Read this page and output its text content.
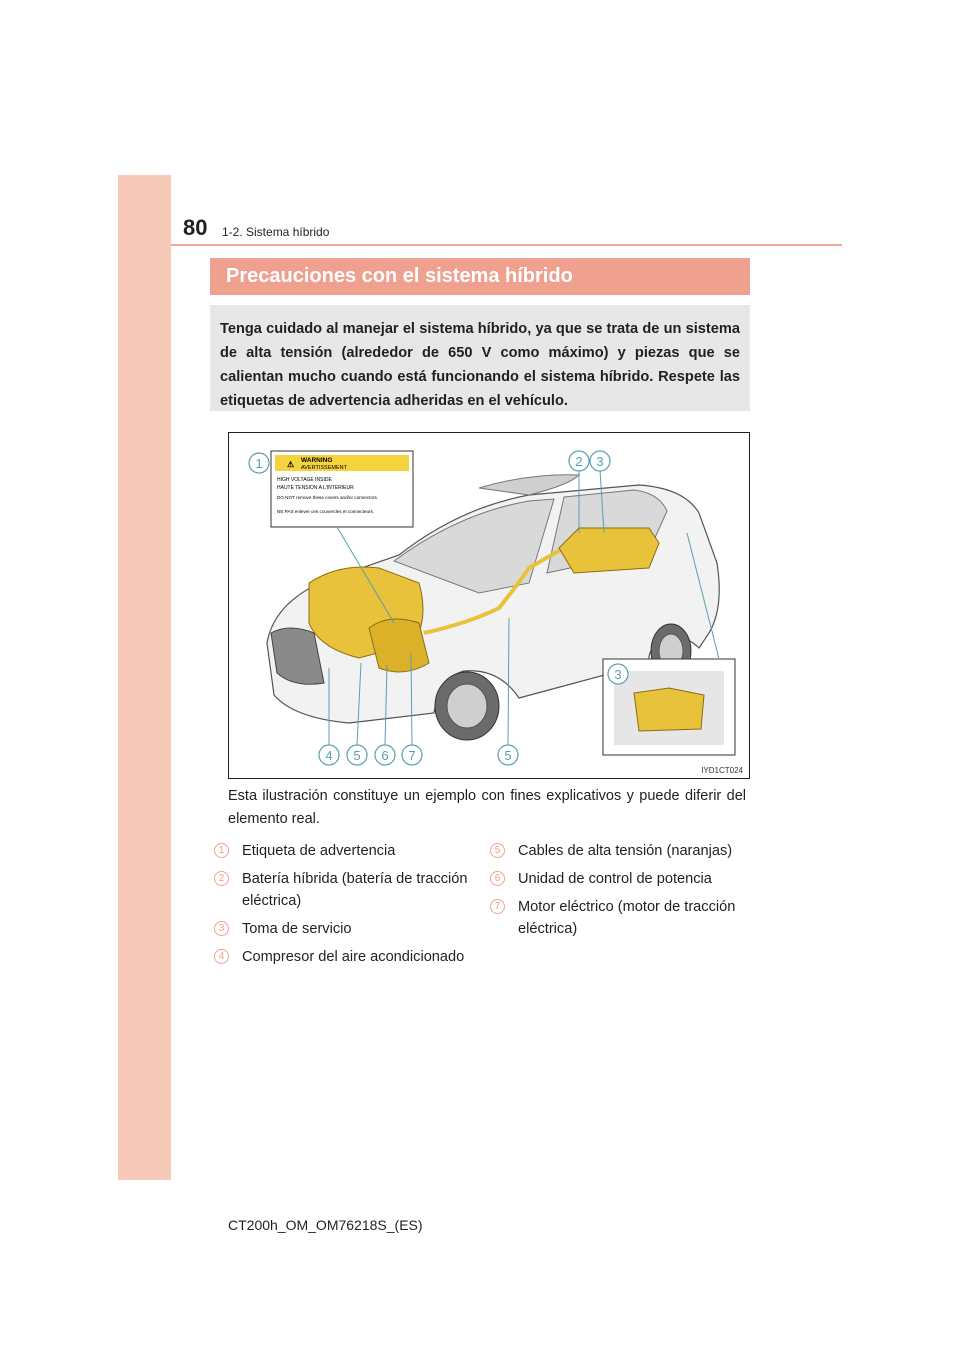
80 1-2. Sistema híbrido
Precauciones con el sistema híbrido
Tenga cuidado al manejar el sistema híbrido, ya que se trata de un sistema de alta tensión (alrededor de 650 V como máximo) y piezas que se calientan mucho cuando está funcionando el sistema híbrido. Respete las etiquetas de advertencia adheridas en el vehículo.
⚠ WARNING
AVERTISSEMENT
HIGH VOLTAGE INSIDE
HAUTE TENSION A L'INTERIEUR
DO NOT remove these covers and/or connectors.
NE PAS enlever ces couvercles et connecteurs.
1	2 3
3
4 5 6 7	5
IYD1CT024
Esta ilustración constituye un ejemplo con fines explicativos y puede diferir del elemento real.
1	Etiqueta de advertencia
2	Batería híbrida (batería de tracción eléctrica)
3	Toma de servicio
4	Compresor del aire acondicionado
5	Cables de alta tensión (naranjas)
6	Unidad de control de potencia
7	Motor eléctrico (motor de tracción eléctrica)
CT200h_OM_OM76218S_(ES)
